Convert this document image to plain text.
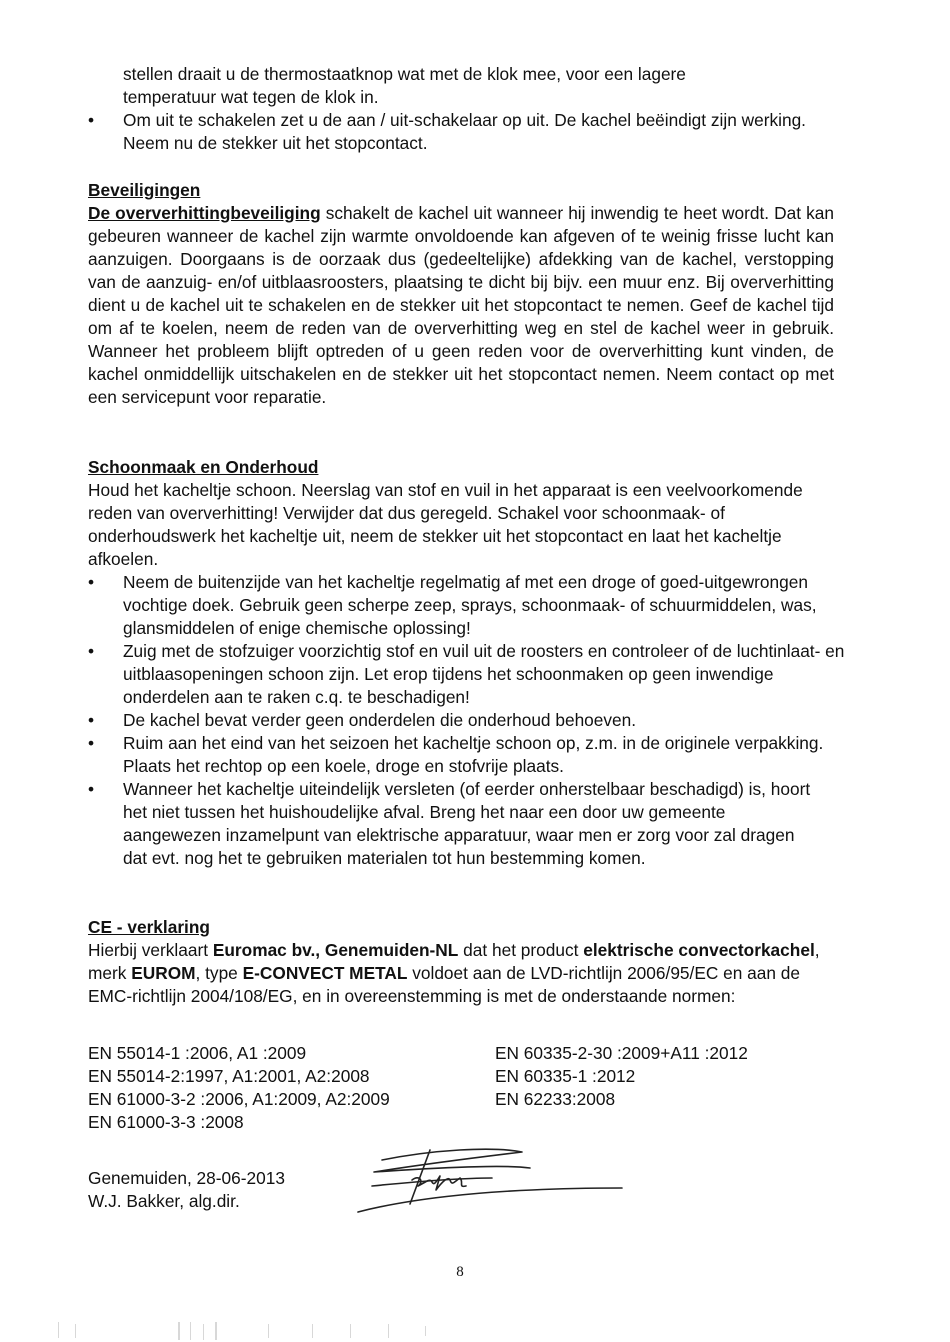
stellen draait u de thermostaatknop wat met de klok mee, voor een lagere
temperatuur wat tegen de klok in.
•	Om uit te schakelen zet u de aan / uit-schakelaar op uit. De kachel beëindigt zijn werking. Neem nu de stekker uit het stopcontact.
Beveiligingen
De oververhittingbeveiliging schakelt de kachel uit wanneer hij inwendig te heet wordt. Dat kan gebeuren wanneer de kachel zijn warmte onvoldoende kan afgeven of te weinig frisse lucht kan aanzuigen. Doorgaans is de oorzaak dus (gedeeltelijke) afdekking van de kachel, verstopping van de aanzuig- en/of uitblaasroosters, plaatsing te dicht bij bijv. een muur enz. Bij oververhitting dient u de kachel uit te schakelen en de stekker uit het stopcontact te nemen. Geef de kachel tijd om af te koelen, neem de reden van de oververhitting weg en stel de kachel weer in gebruik. Wanneer het probleem blijft optreden of u geen reden voor de oververhitting kunt vinden, de kachel onmiddellijk uitschakelen en de stekker uit het stopcontact nemen. Neem contact op met een servicepunt voor reparatie.
Schoonmaak en Onderhoud
Houd het kacheltje schoon. Neerslag van stof en vuil in het apparaat is een veelvoorkomende reden van oververhitting! Verwijder dat dus geregeld. Schakel voor schoonmaak- of onderhoudswerk het kacheltje uit, neem de stekker uit het stopcontact en laat het kacheltje afkoelen.
•	Neem de buitenzijde van het kacheltje regelmatig af met een droge of goed-uitgewrongen vochtige doek. Gebruik geen scherpe zeep, sprays, schoonmaak- of schuurmiddelen, was, glansmiddelen of enige chemische oplossing!
•	Zuig met de stofzuiger voorzichtig stof en vuil uit de roosters en controleer of de luchtinlaat- en uitblaasopeningen schoon zijn. Let erop tijdens het schoonmaken op geen inwendige onderdelen aan te raken c.q. te beschadigen!
•	De kachel bevat verder geen onderdelen die onderhoud behoeven.
•	Ruim aan het eind van het seizoen het kacheltje schoon op, z.m. in de originele verpakking. Plaats het rechtop op een koele, droge en stofvrije plaats.
•	Wanneer het kacheltje uiteindelijk versleten (of eerder onherstelbaar beschadigd) is, hoort het niet tussen het huishoudelijke afval. Breng het naar een door uw gemeente aangewezen inzamelpunt van elektrische apparatuur, waar men er zorg voor zal dragen dat evt. nog het te gebruiken materialen tot hun bestemming komen.
CE - verklaring
Hierbij verklaart Euromac bv., Genemuiden-NL dat het product elektrische convectorkachel, merk EUROM, type E-CONVECT METAL voldoet aan de LVD-richtlijn 2006/95/EC en aan de EMC-richtlijn 2004/108/EG, en in overeenstemming is met de onderstaande normen:
EN 55014-1 :2006, A1 :2009
EN 55014-2:1997, A1:2001, A2:2008
EN 61000-3-2 :2006, A1:2009, A2:2009
EN 61000-3-3 :2008
EN 60335-2-30 :2009+A11 :2012
EN 60335-1 :2012
EN 62233:2008
Genemuiden, 28-06-2013
W.J. Bakker, alg.dir.
8
